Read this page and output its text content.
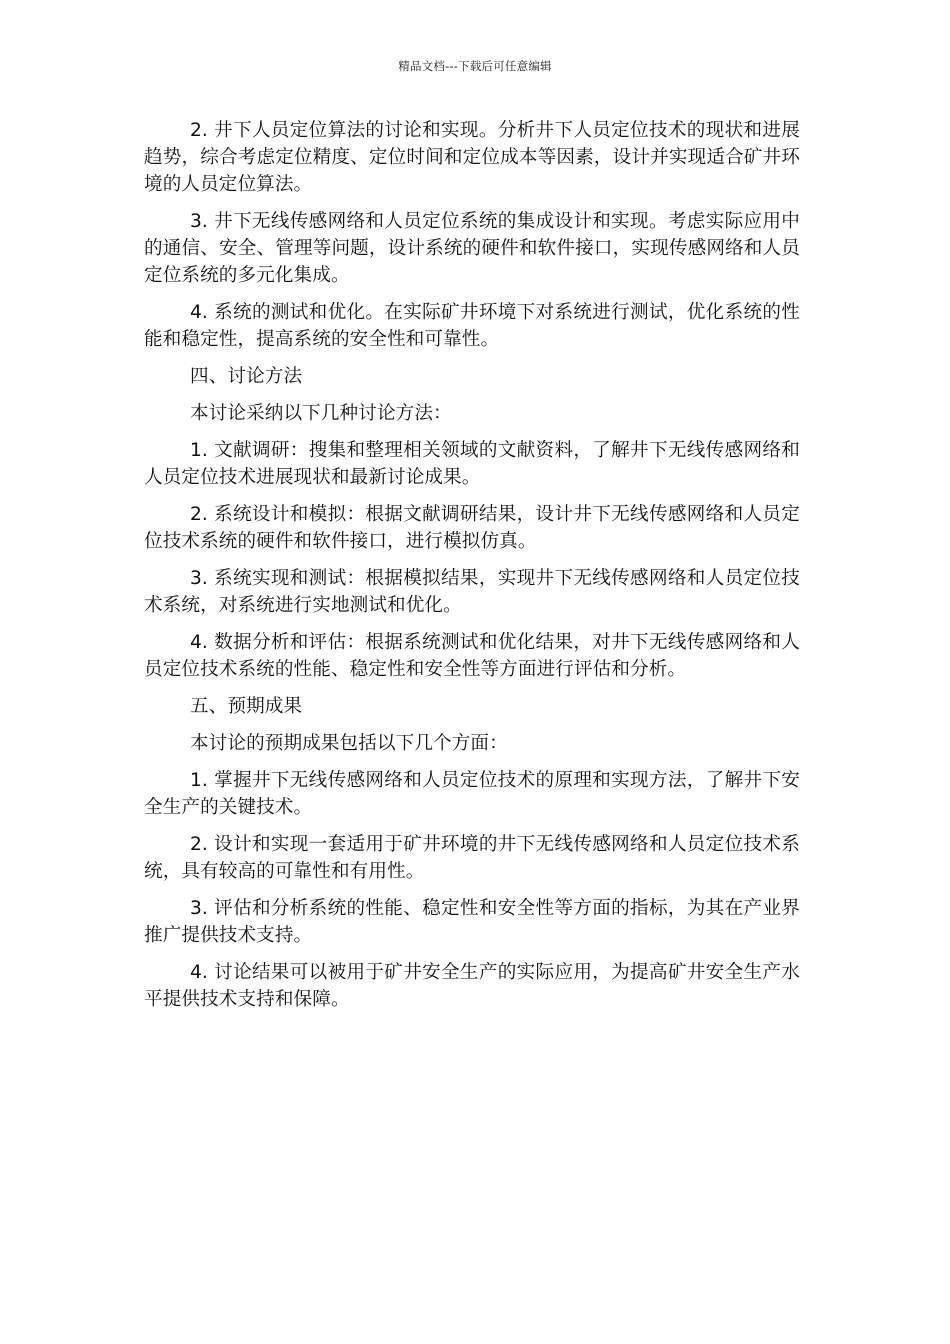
精品文档---下载后可任意编辑

2. 井下人员定位算法的讨论和实现。分析井下人员定位技术的现状和进展趋势，综合考虑定位精度、定位时间和定位成本等因素，设计并实现适合矿井环境的人员定位算法。

3. 井下无线传感网络和人员定位系统的集成设计和实现。考虑实际应用中的通信、安全、管理等问题，设计系统的硬件和软件接口，实现传感网络和人员定位系统的多元化集成。

4. 系统的测试和优化。在实际矿井环境下对系统进行测试，优化系统的性能和稳定性，提高系统的安全性和可靠性。

四、讨论方法

本讨论采纳以下几种讨论方法：

1. 文献调研：搜集和整理相关领域的文献资料，了解井下无线传感网络和人员定位技术进展现状和最新讨论成果。

2. 系统设计和模拟：根据文献调研结果，设计井下无线传感网络和人员定位技术系统的硬件和软件接口，进行模拟仿真。

3. 系统实现和测试：根据模拟结果，实现井下无线传感网络和人员定位技术系统，对系统进行实地测试和优化。

4. 数据分析和评估：根据系统测试和优化结果，对井下无线传感网络和人员定位技术系统的性能、稳定性和安全性等方面进行评估和分析。

五、预期成果

本讨论的预期成果包括以下几个方面：

1. 掌握井下无线传感网络和人员定位技术的原理和实现方法，了解井下安全生产的关键技术。

2. 设计和实现一套适用于矿井环境的井下无线传感网络和人员定位技术系统，具有较高的可靠性和有用性。

3. 评估和分析系统的性能、稳定性和安全性等方面的指标，为其在产业界推广提供技术支持。

4. 讨论结果可以被用于矿井安全生产的实际应用，为提高矿井安全生产水平提供技术支持和保障。
